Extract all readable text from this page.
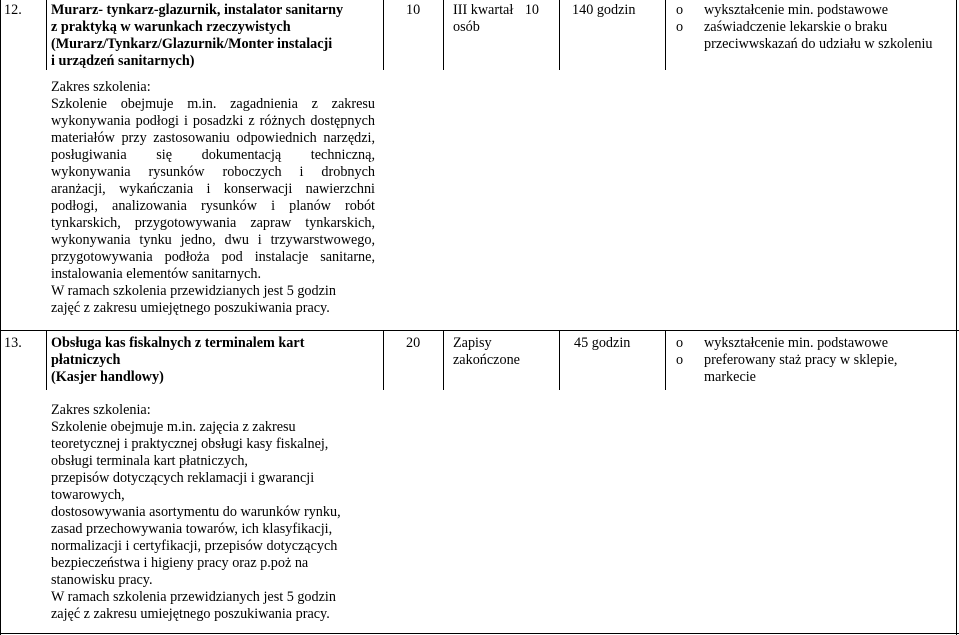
12. Murarz- tynkarz-glazurnik, instalator sanitarny
z praktyką w warunkach rzeczywistych
(Murarz/Tynkarz/Glazurnik/Monter instalacji
i urządzeń sanitarnych)
10 III kwartał 10
osób
140 godzin	o wykształcenie min. podstawowe
o zaświadczenie lekarskie o braku przeciwwskazań do udziału w szkoleniu
Zakres szkolenia:
Szkolenie obejmuje m.in. zagadnienia z zakresu wykonywania podłogi i posadzki z różnych dostępnych materiałów przy zastosowaniu odpowiednich narzędzi, posługiwania się dokumentacją techniczną, wykonywania rysunków roboczych i drobnych aranżacji, wykańczania i konserwacji nawierzchni podłogi, analizowania rysunków i planów robót tynkarskich, przygotowywania zapraw tynkarskich, wykonywania tynku jedno, dwu i trzywarstwowego, przygotowywania podłoża pod instalacje sanitarne, instalowania elementów sanitarnych.
W ramach szkolenia przewidzianych jest 5 godzin
zajęć z zakresu umiejętnego poszukiwania pracy.
13. Obsługa kas fiskalnych z terminalem kart
płatniczych
(Kasjer handlowy)
20 Zapisy
zakończone
45 godzin	o wykształcenie min. podstawowe
o preferowany staż pracy w sklepie, markecie
Zakres szkolenia:
Szkolenie obejmuje m.in. zajęcia z zakresu
teoretycznej i praktycznej obsługi kasy fiskalnej,
obsługi terminala kart płatniczych,
przepisów dotyczących reklamacji i gwarancji
towarowych,
dostosowywania asortymentu do warunków rynku,
zasad przechowywania towarów, ich klasyfikacji,
normalizacji i certyfikacji, przepisów dotyczących
bezpieczeństwa i higieny pracy oraz p.poż na
stanowisku pracy.
W ramach szkolenia przewidzianych jest 5 godzin
zajęć z zakresu umiejętnego poszukiwania pracy.
